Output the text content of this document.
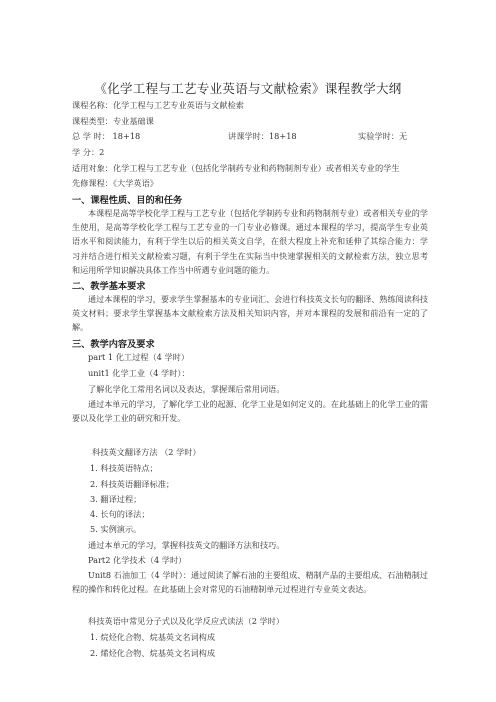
《化学工程与工艺专业英语与文献检索》课程教学大纲
课程名称：化学工程与工艺专业英语与文献检索
课程类型：专业基础课
总 学 时： 18+18	讲课学时：18+18	实验学时：无
学 分：2
适用对象：化学工程与工艺专业（包括化学制药专业和药物制剂专业）或者相关专业的学生
先修课程：《大学英语》
一、课程性质、目的和任务
本课程是高等学校化学工程与工艺专业（包括化学制药专业和药物制剂专业）或者相关专业的学生使用，是高等学校化学工程与工艺专业的一门专业必修课。通过本课程的学习，提高学生专业英语水平和阅读能力，有利于学生以后的相关英文自学，在很大程度上补充和延伸了其综合能力：学习并结合进行相关文献检索习题，有利于学生在实际当中快速掌握相关的文献检索方法，独立思考和运用所学知识解决具体工作当中所遇专业问题的能力。
二、教学基本要求
通过本课程的学习，要求学生掌握基本的专业词汇、会进行科技英文长句的翻译、熟练阅读科技英文材料；要求学生掌握基本文献检索方法及相关知识内容，并对本课程的发展和前沿有一定的了解。
三、教学内容及要求
part 1 化工过程（4 学时）
unit1 化学工业（4 学时）：
了解化学化工常用名词以及表达，掌握课后常用词语。
通过本单元的学习，了解化学工业的起源、化学工业是如何定义的。在此基础上的化学工业的需要以及化学工业的研究和开发。
科技英文翻译方法 （2 学时）
1. 科技英语特点；
2. 科技英语翻译标准；
3. 翻译过程；
4. 长句的译法；
5. 实例演示。
通过本单元的学习，掌握科技英文的翻译方法和技巧。
Part2 化学技术（4 学时）
Unit8 石油加工（4 学时）：通过阅读了解石油的主要组成、精制产品的主要组成、石油精制过程的操作和转化过程。在此基础上会对常见的石油精制单元过程进行专业英文表达。
科技英语中常见分子式以及化学反应式读法（2 学时）
1. 烷烃化合物、烷基英文名词构成
2. 烯烃化合物、烷基英文名词构成
